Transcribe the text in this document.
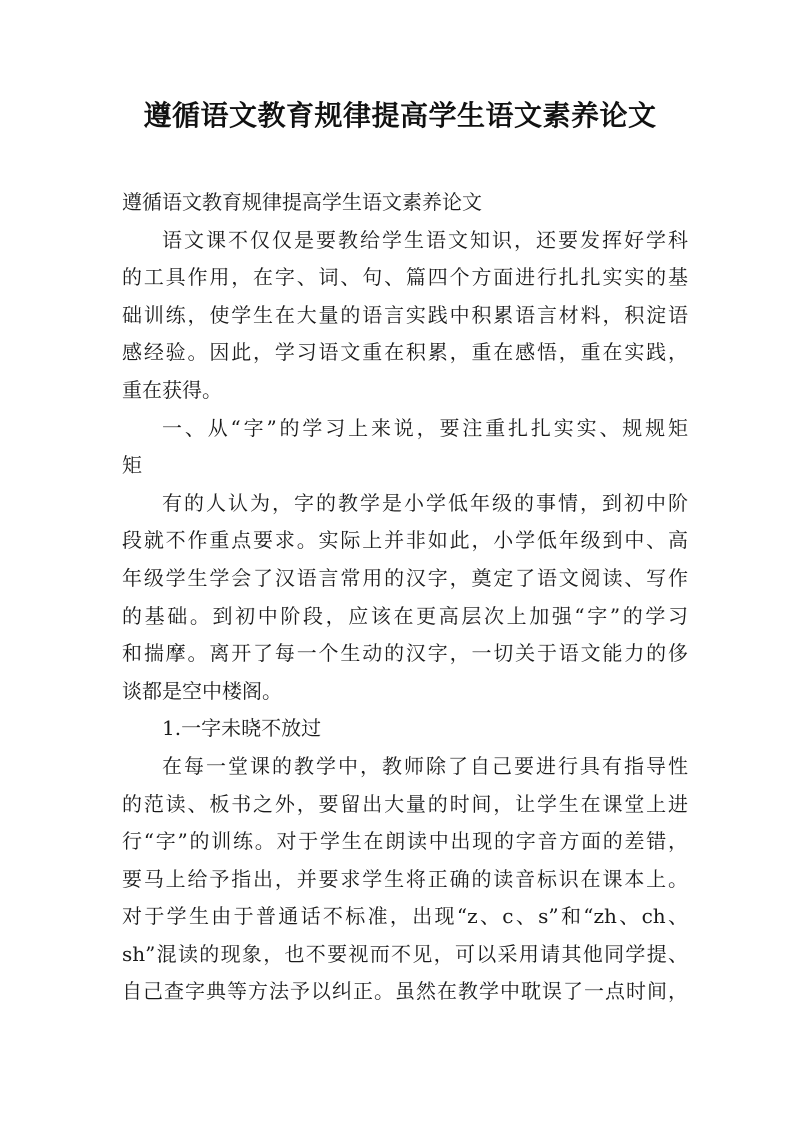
遵循语文教育规律提高学生语文素养论文
遵循语文教育规律提高学生语文素养论文
语文课不仅仅是要教给学生语文知识，还要发挥好学科
的工具作用，在字、词、句、篇四个方面进行扎扎实实的基
础训练，使学生在大量的语言实践中积累语言材料，积淀语
感经验。因此，学习语文重在积累，重在感悟，重在实践，
重在获得。
一、从“字”的学习上来说，要注重扎扎实实、规规矩
矩
有的人认为，字的教学是小学低年级的事情，到初中阶
段就不作重点要求。实际上并非如此，小学低年级到中、高
年级学生学会了汉语言常用的汉字，奠定了语文阅读、写作
的基础。到初中阶段，应该在更高层次上加强“字”的学习
和揣摩。离开了每一个生动的汉字，一切关于语文能力的侈
谈都是空中楼阁。
1.一字未晓不放过
在每一堂课的教学中，教师除了自己要进行具有指导性
的范读、板书之外，要留出大量的时间，让学生在课堂上进
行“字”的训练。对于学生在朗读中出现的字音方面的差错，
要马上给予指出，并要求学生将正确的读音标识在课本上。
对于学生由于普通话不标准，出现“z、c、s”和“zh、ch、
sh”混读的现象，也不要视而不见，可以采用请其他同学提、
自己查字典等方法予以纠正。虽然在教学中耽误了一点时间，
